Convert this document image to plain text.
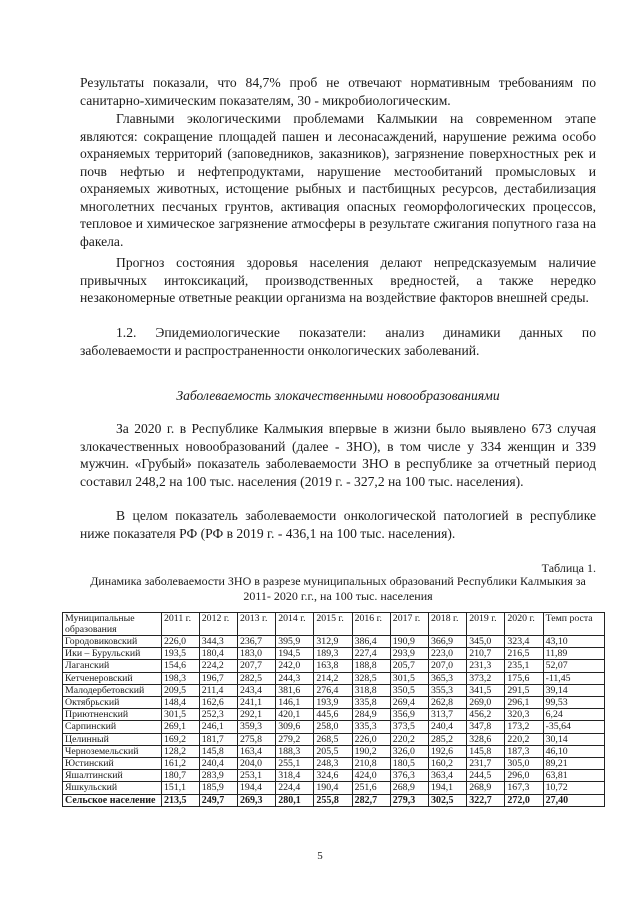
Результаты показали, что 84,7% проб не отвечают нормативным требованиям по санитарно-химическим показателям, 30 - микробиологическим.

Главными экологическими проблемами Калмыкии на современном этапе являются: сокращение площадей пашен и лесонасаждений, нарушение режима особо охраняемых территорий (заповедников, заказников), загрязнение поверхностных рек и почв нефтью и нефтепродуктами, нарушение местообитаний промысловых и охраняемых животных, истощение рыбных и пастбищных ресурсов, дестабилизация многолетних песчаных грунтов, активация опасных геоморфологических процессов, тепловое и химическое загрязнение атмосферы в результате сжигания попутного газа на факела.

Прогноз состояния здоровья населения делают непредсказуемым наличие привычных интоксикаций, производственных вредностей, а также нередко незакономерные ответные реакции организма на воздействие факторов внешней среды.

1.2. Эпидемиологические показатели: анализ динамики данных по заболеваемости и распространенности онкологических заболеваний.

Заболеваемость злокачественными новообразованиями

За 2020 г. в Республике Калмыкия впервые в жизни было выявлено 673 случая злокачественных новообразований (далее - ЗНО), в том числе у 334 женщин и 339 мужчин. «Грубый» показатель заболеваемости ЗНО в республике за отчетный период составил 248,2 на 100 тыс. населения (2019 г. - 327,2 на 100 тыс. населения).

В целом показатель заболеваемости онкологической патологией в республике ниже показателя РФ (РФ в 2019 г. - 436,1 на 100 тыс. населения).

Таблица 1.
Динамика заболеваемости ЗНО в разрезе муниципальных образований Республики Калмыкия за 2011- 2020 г.г., на 100 тыс. населения
Муниципальные образования	2011 г.	2012 г.	2013 г.	2014 г.	2015 г.	2016 г.	2017 г.	2018 г.	2019 г.	2020 г.	Темп роста
Городовиковский	226,0	344,3	236,7	395,9	312,9	386,4	190,9	366,9	345,0	323,4	43,10
Ики – Бурульский	193,5	180,4	183,0	194,5	189,3	227,4	293,9	223,0	210,7	216,5	11,89
Лаганский	154,6	224,2	207,7	242,0	163,8	188,8	205,7	207,0	231,3	235,1	52,07
Кетченеровский	198,3	196,7	282,5	244,3	214,2	328,5	301,5	365,3	373,2	175,6	-11,45
Малодербетовский	209,5	211,4	243,4	381,6	276,4	318,8	350,5	355,3	341,5	291,5	39,14
Октябрьский	148,4	162,6	241,1	146,1	193,9	335,8	269,4	262,8	269,0	296,1	99,53
Приютненский	301,5	252,3	292,1	420,1	445,6	284,9	356,9	313,7	456,2	320,3	6,24
Сарпинский	269,1	246,1	359,3	309,6	258,0	335,3	373,5	240,4	347,8	173,2	-35,64
Целинный	169,2	181,7	275,8	279,2	268,5	226,0	220,2	285,2	328,6	220,2	30,14
Черноземельский	128,2	145,8	163,4	188,3	205,5	190,2	326,0	192,6	145,8	187,3	46,10
Юстинский	161,2	240,4	204,0	255,1	248,3	210,8	180,5	160,2	231,7	305,0	89,21
Яшалтинский	180,7	283,9	253,1	318,4	324,6	424,0	376,3	363,4	244,5	296,0	63,81
Яшкульский	151,1	185,9	194,4	224,4	190,4	251,6	268,9	194,1	268,9	167,3	10,72
Сельское население	213,5	249,7	269,3	280,1	255,8	282,7	279,3	302,5	322,7	272,0	27,40
5
